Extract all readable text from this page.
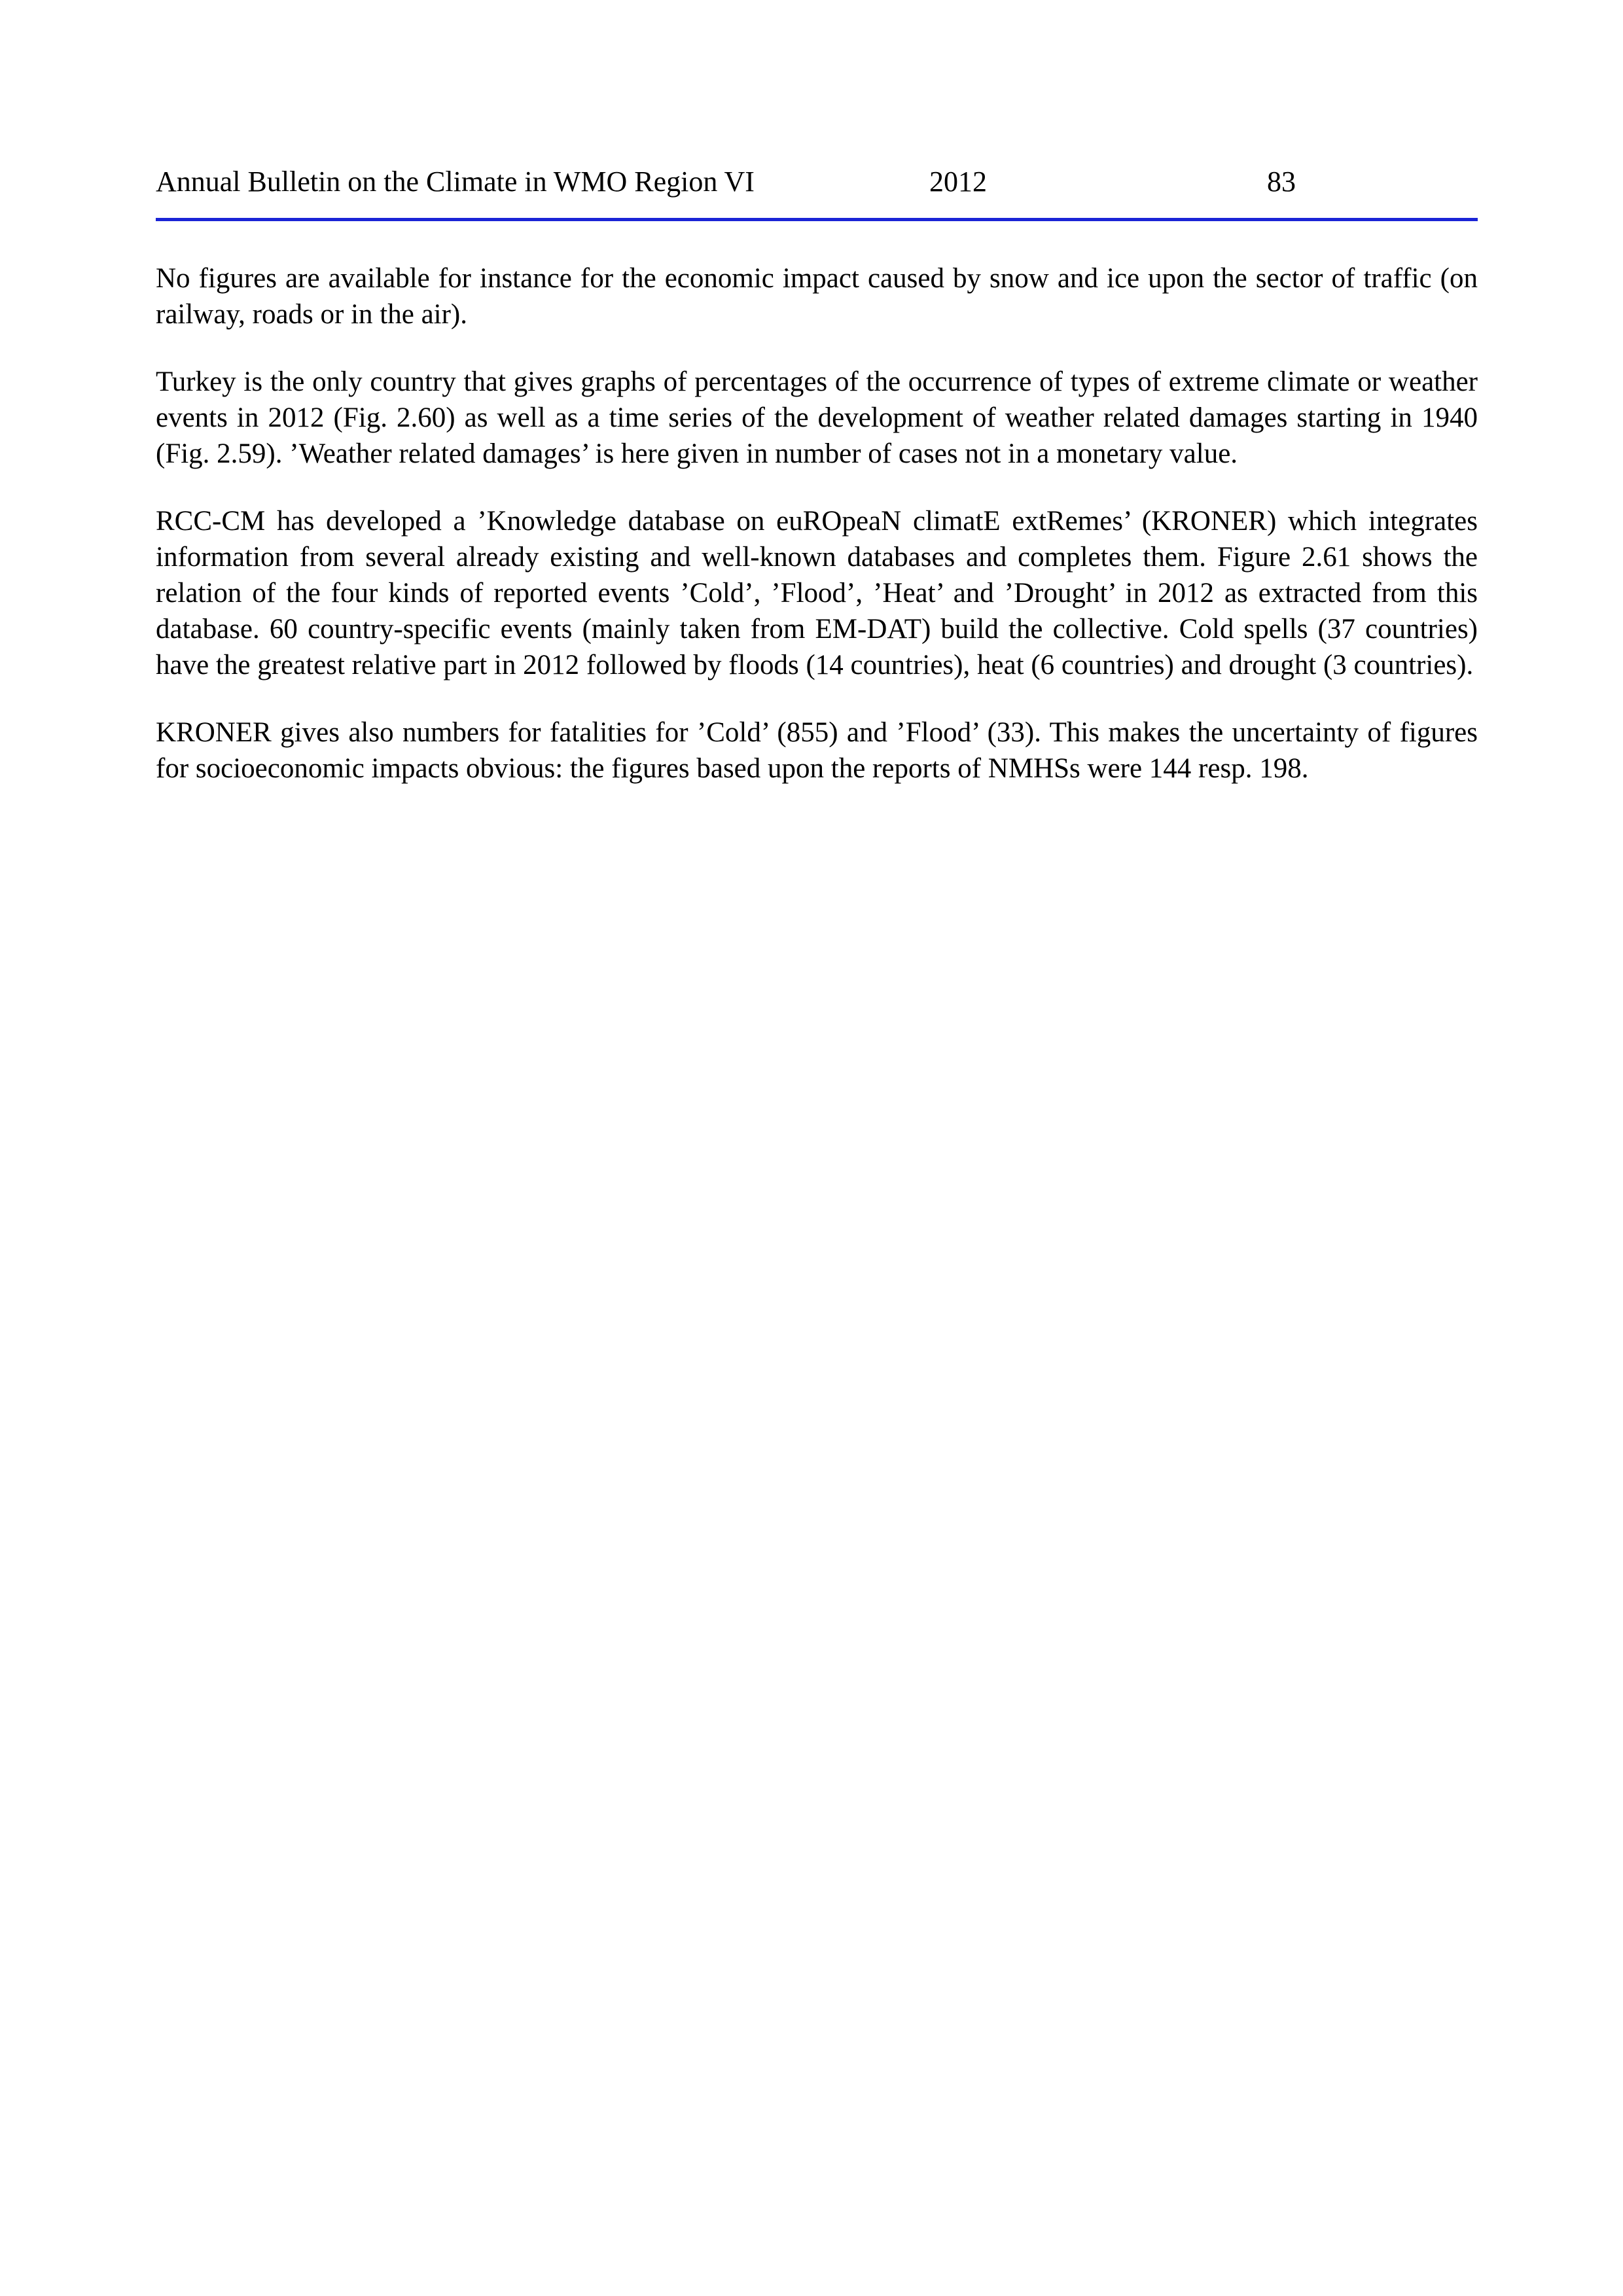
Annual Bulletin on the Climate in WMO Region VI	2012	83

No figures are available for instance for the economic impact caused by snow and ice upon the sector of traffic (on railway, roads or in the air).

Turkey is the only country that gives graphs of percentages of the occurrence of types of extreme climate or weather events in 2012 (Fig. 2.60) as well as a time series of the development of weather related damages starting in 1940 (Fig. 2.59). ’Weather related damages’ is here given in number of cases not in a monetary value.

RCC-CM has developed a ’Knowledge database on euROpeaN climatE extRemes’ (KRONER) which integrates information from several already existing and well-known databases and completes them. Figure 2.61 shows the relation of the four kinds of reported events ’Cold’, ’Flood’, ’Heat’ and ’Drought’ in 2012 as extracted from this database. 60 country-specific events (mainly taken from EM-DAT) build the collective. Cold spells (37 countries) have the greatest relative part in 2012 followed by floods (14 countries), heat (6 countries) and drought (3 countries).

KRONER gives also numbers for fatalities for ’Cold’ (855) and ’Flood’ (33). This makes the uncertainty of figures for socioeconomic impacts obvious: the figures based upon the reports of NMHSs were 144 resp. 198.
